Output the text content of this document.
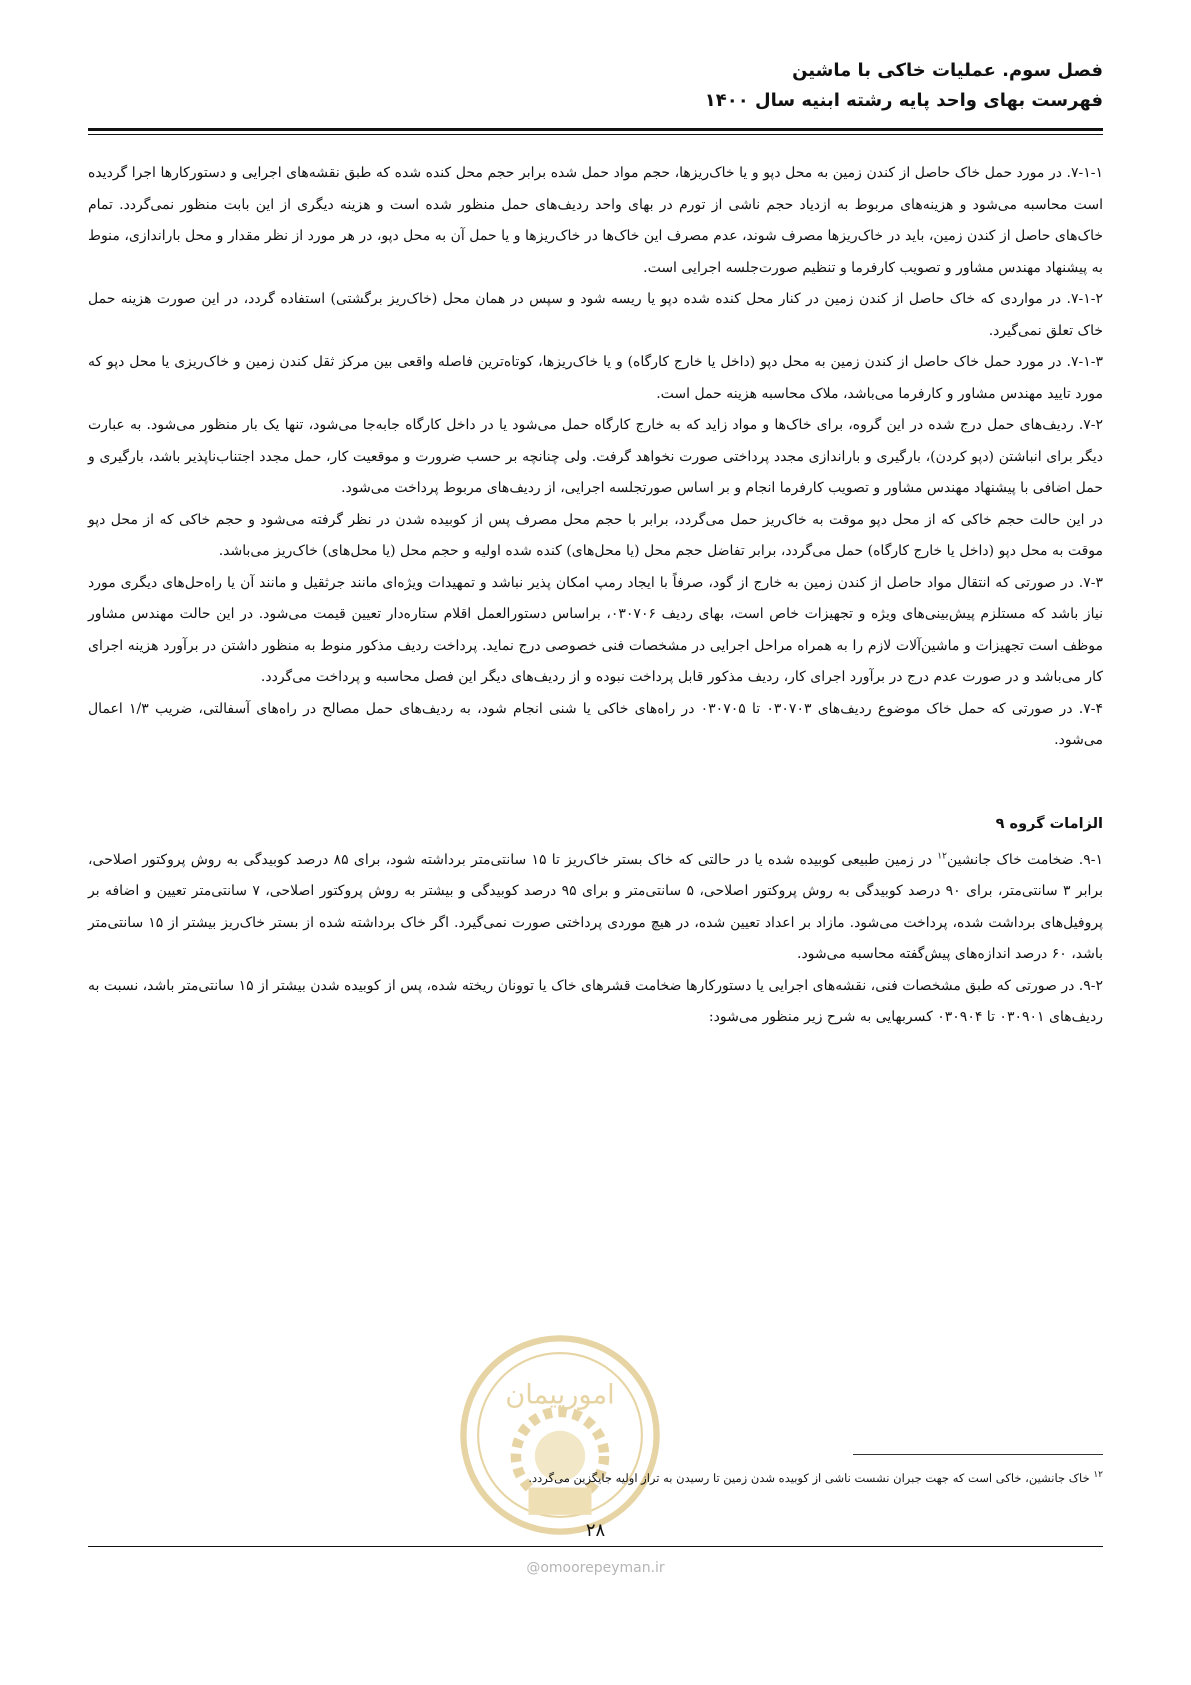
فصل سوم. عملیات خاکی با ماشین
فهرست بهای واحد پایه رشته ابنیه سال ۱۴۰۰

۷-۱-۱. در مورد حمل خاک حاصل از کندن زمین به محل دپو و یا خاک‌ریزها، حجم مواد حمل شده برابر حجم محل کنده شده که طبق نقشه‌های اجرایی و دستورکارها اجرا گردیده است محاسبه می‌شود و هزینه‌های مربوط به ازدیاد حجم ناشی از تورم در بهای واحد ردیف‌های حمل منظور شده است و هزینه دیگری از این بابت منظور نمی‌گردد. تمام خاک‌های حاصل از کندن زمین، باید در خاک‌ریزها مصرف شوند، عدم مصرف این خاک‌ها در خاک‌ریزها و یا حمل آن به محل دپو، در هر مورد از نظر مقدار و محل باراندازی، منوط به پیشنهاد مهندس مشاور و تصویب کارفرما و تنظیم صورت‌جلسه اجرایی است.

۷-۱-۲. در مواردی که خاک حاصل از کندن زمین در کنار محل کنده شده دپو یا ریسه شود و سپس در همان محل (خاک‌ریز برگشتی) استفاده گردد، در این صورت هزینه حمل خاک تعلق نمی‌گیرد.

۷-۱-۳. در مورد حمل خاک حاصل از کندن زمین به محل دپو (داخل یا خارج کارگاه) و یا خاک‌ریزها، کوتاه‌ترین فاصله واقعی بین مرکز ثقل کندن زمین و خاک‌ریزی یا محل دپو که مورد تایید مهندس مشاور و کارفرما می‌باشد، ملاک محاسبه هزینه حمل است.

۷-۲. ردیف‌های حمل درج شده در این گروه، برای خاک‌ها و مواد زاید که به خارج کارگاه حمل می‌شود یا در داخل کارگاه جابه‌جا می‌شود، تنها یک بار منظور می‌شود. به عبارت دیگر برای انباشتن (دپو کردن)، بارگیری و باراندازی مجدد پرداختی صورت نخواهد گرفت. ولی چنانچه بر حسب ضرورت و موقعیت کار، حمل مجدد اجتناب‌ناپذیر باشد، بارگیری و حمل اضافی با پیشنهاد مهندس مشاور و تصویب کارفرما انجام و بر اساس صورتجلسه اجرایی، از ردیف‌های مربوط پرداخت می‌شود.

در این حالت حجم خاکی که از محل دپو موقت به خاک‌ریز حمل می‌گردد، برابر با حجم محل مصرف پس از کوبیده شدن در نظر گرفته می‌شود و حجم خاکی که از محل دپو موقت به محل دپو (داخل یا خارج کارگاه) حمل می‌گردد، برابر تفاضل حجم محل (یا محل‌های) کنده شده اولیه و حجم محل (یا محل‌های) خاک‌ریز می‌باشد.

۷-۳. در صورتی که انتقال مواد حاصل از کندن زمین به خارج از گود، صرفاً با ایجاد رمپ امکان پذیر نباشد و تمهیدات ویژه‌ای مانند جرثقیل و مانند آن یا راه‌حل‌های دیگری مورد نیاز باشد که مستلزم پیش‌بینی‌های ویژه و تجهیزات خاص است، بهای ردیف ۰۳۰۷۰۶، براساس دستورالعمل اقلام ستاره‌دار تعیین قیمت می‌شود. در این حالت مهندس مشاور موظف است تجهیزات و ماشین‌آلات لازم را به همراه مراحل اجرایی در مشخصات فنی خصوصی درج نماید. پرداخت ردیف مذکور منوط به منظور داشتن در برآورد هزینه اجرای کار می‌باشد و در صورت عدم درج در برآورد اجرای کار، ردیف مذکور قابل پرداخت نبوده و از ردیف‌های دیگر این فصل محاسبه و پرداخت می‌گردد.

۷-۴. در صورتی که حمل خاک موضوع ردیف‌های ۰۳۰۷۰۳ تا ۰۳۰۷۰۵ در راه‌های خاکی یا شنی انجام شود، به ردیف‌های حمل مصالح در راه‌های آسفالتی، ضریب ۱/۳ اعمال می‌شود.

الزامات گروه ۹

۹-۱. ضخامت خاک جانشین$^{۱۲}$ در زمین طبیعی کوبیده شده یا در حالتی که خاک بستر خاک‌ریز تا ۱۵ سانتی‌متر برداشته شود، برای ۸۵ درصد کوبیدگی به روش پروکتور اصلاحی، برابر ۳ سانتی‌متر، برای ۹۰ درصد کوبیدگی به روش پروکتور اصلاحی، ۵ سانتی‌متر و برای ۹۵ درصد کوبیدگی و بیشتر به روش پروکتور اصلاحی، ۷ سانتی‌متر تعیین و اضافه بر پروفیل‌های برداشت شده، پرداخت می‌شود. مازاد بر اعداد تعیین شده، در هیچ موردی پرداختی صورت نمی‌گیرد. اگر خاک برداشته شده از بستر خاک‌ریز بیشتر از ۱۵ سانتی‌متر باشد، ۶۰ درصد اندازه‌های پیش‌گفته محاسبه می‌شود.

۹-۲. در صورتی که طبق مشخصات فنی، نقشه‌های اجرایی یا دستورکارها ضخامت قشرهای خاک یا توونان ریخته شده، پس از کوبیده شدن بیشتر از ۱۵ سانتی‌متر باشد، نسبت به ردیف‌های ۰۳۰۹۰۱ تا ۰۳۰۹۰۴ کسربهایی به شرح زیر منظور می‌شود:

امورپیمان
$^{۱۲}$ خاک جانشین، خاکی است که جهت جبران نشست ناشی از کوبیده شدن زمین تا رسیدن به تراز اولیه جایگزین می‌گردد.
۲۸
@omoorepeyman.ir
